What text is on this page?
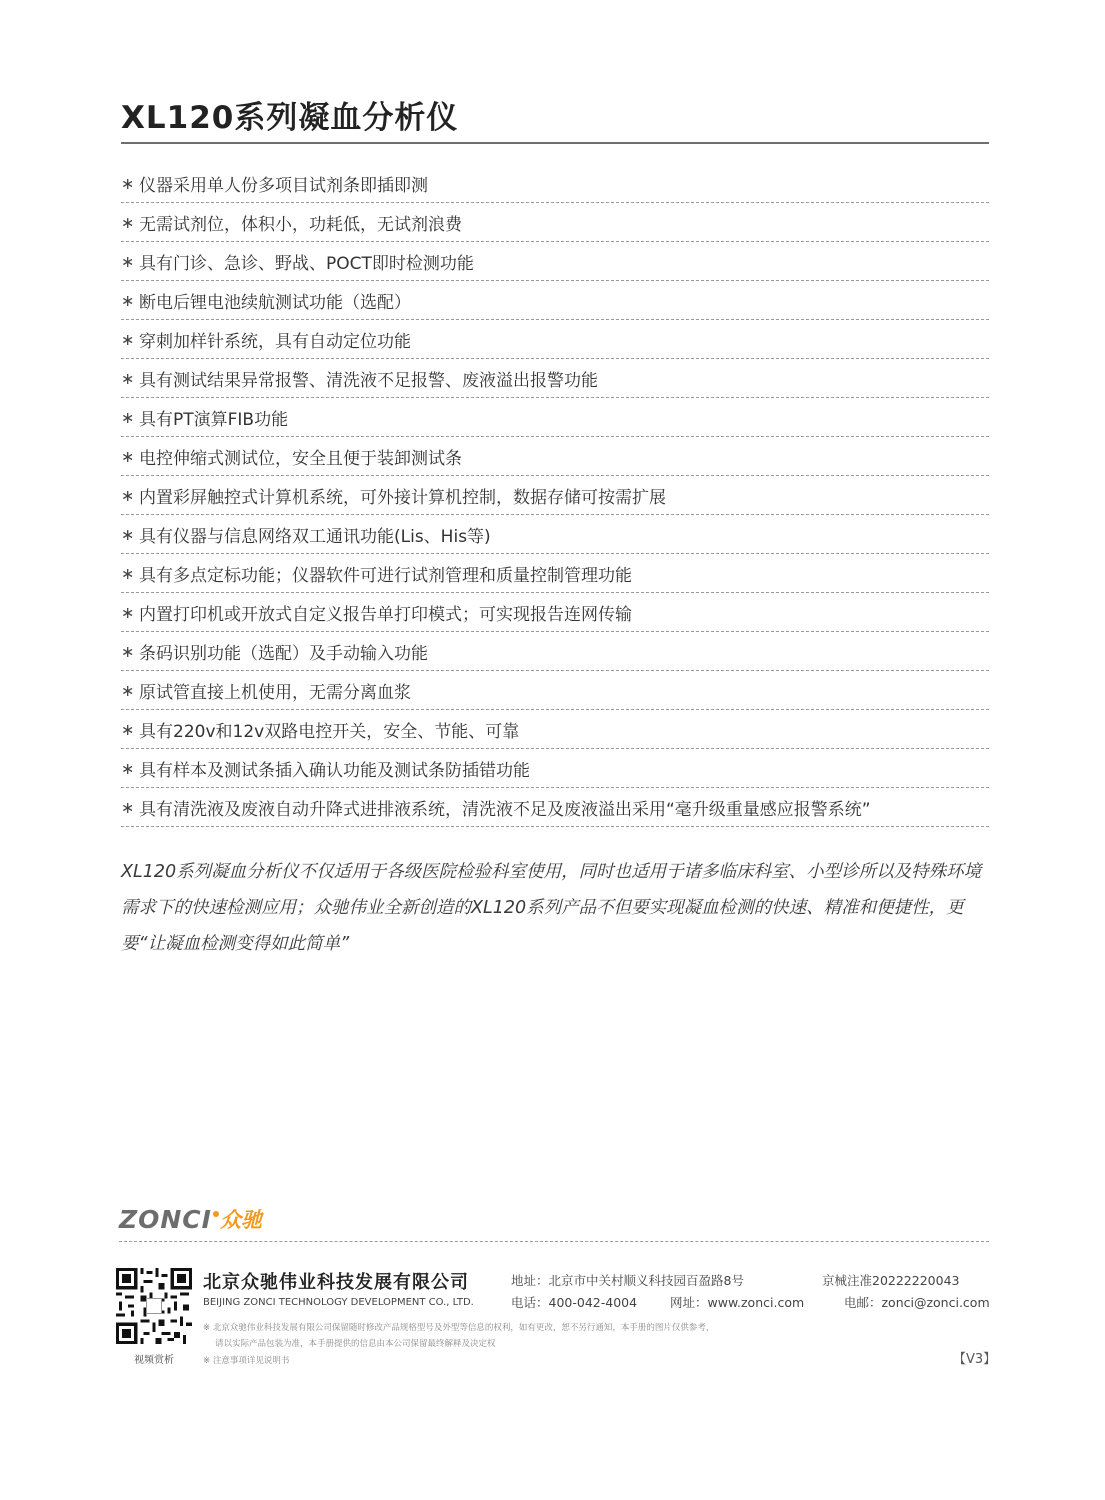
XL120系列凝血分析仪
∗ 仪器采用单人份多项目试剂条即插即测
∗ 无需试剂位，体积小，功耗低，无试剂浪费
∗ 具有门诊、急诊、野战、POCT即时检测功能
∗ 断电后锂电池续航测试功能（选配）
∗ 穿刺加样针系统，具有自动定位功能
∗ 具有测试结果异常报警、清洗液不足报警、废液溢出报警功能
∗ 具有PT演算FIB功能
∗ 电控伸缩式测试位，安全且便于装卸测试条
∗ 内置彩屏触控式计算机系统，可外接计算机控制，数据存储可按需扩展
∗ 具有仪器与信息网络双工通讯功能(Lis、His等)
∗ 具有多点定标功能；仪器软件可进行试剂管理和质量控制管理功能
∗ 内置打印机或开放式自定义报告单打印模式；可实现报告连网传输
∗ 条码识别功能（选配）及手动输入功能
∗ 原试管直接上机使用，无需分离血浆
∗ 具有220v和12v双路电控开关，安全、节能、可靠
∗ 具有样本及测试条插入确认功能及测试条防插错功能
∗ 具有清洗液及废液自动升降式进排液系统，清洗液不足及废液溢出采用“毫升级重量感应报警系统”
XL120系列凝血分析仪不仅适用于各级医院检验科室使用，同时也适用于诸多临床科室、小型诊所以及特殊环境需求下的快速检测应用；众驰伟业全新创造的XL120系列产品不但要实现凝血检测的快速、精准和便捷性，更要“让凝血检测变得如此简单”
ZONCI 众驰
视频赏析
北京众驰伟业科技发展有限公司
BEIJING ZONCI TECHNOLOGY DEVELOPMENT CO., LTD.
地址：北京市中关村顺义科技园百盈路8号	京械注准20222220043
电话：400-042-4004	网址：www.zonci.com	电邮：zonci@zonci.com
※ 北京众驰伟业科技发展有限公司保留随时修改产品规格型号及外型等信息的权利，如有更改，恕不另行通知，本手册的图片仅供参考，
请以实际产品包装为准，本手册提供的信息由本公司保留最终解释及决定权
※ 注意事项详见说明书	【V3】
